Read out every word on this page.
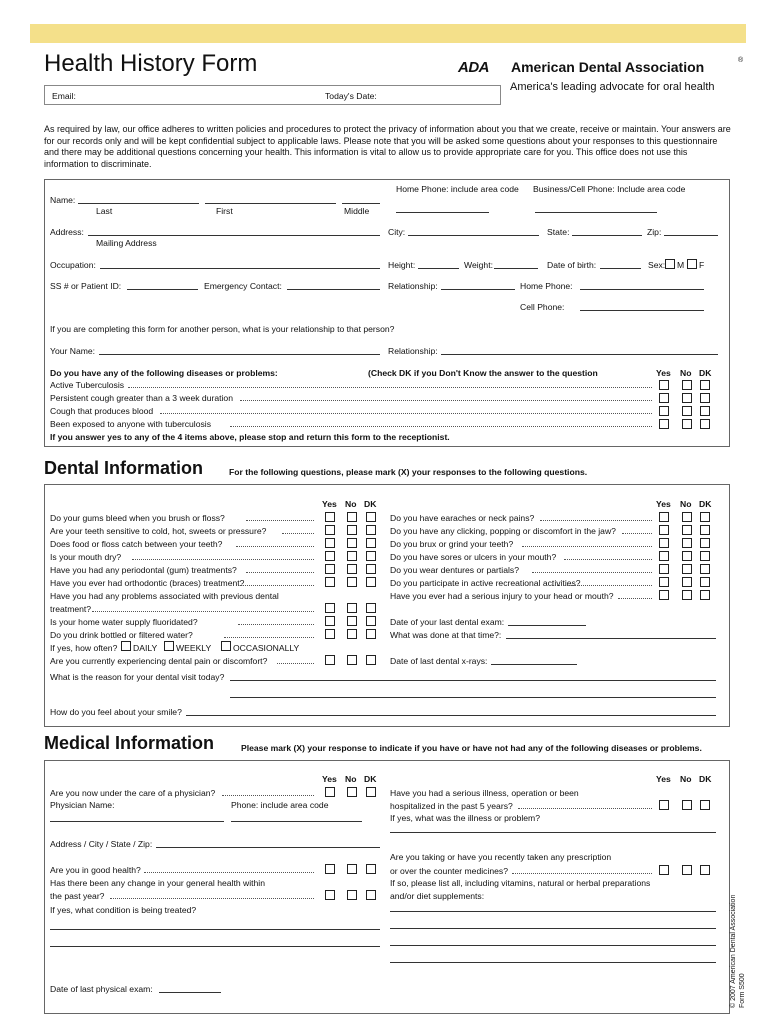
Health History Form
Email:	Today's Date:
ADA American Dental Association	®
America's leading advocate for oral health
As required by law, our office adheres to written policies and procedures to protect the privacy of information about you that we create, receive or maintain. Your answers are for our records only and will be kept confidential subject to applicable laws. Please note that you will be asked some questions about your responses to this questionnaire and there may be additional questions concerning your health. This information is vital to allow us to provide appropriate care for you. This office does not use this information to discriminate.
Home Phone: include area code Business/Cell Phone: Include area code
Name:
Last	First	Middle
Address:
Mailing Address
City:	State:	Zip:
Occupation:	Height:	Weight:	Date of birth:	Sex: M F
SS # or Patient ID:	Emergency Contact:	Relationship:	Home Phone:
Cell Phone:
If you are completing this form for another person, what is your relationship to that person?
Your Name:	Relationship:
Do you have any of the following diseases or problems:	(Check DK if you Don't Know the answer to the question	Yes No DK
Active Tuberculosis
Persistent cough greater than a 3 week duration
Cough that produces blood
Been exposed to anyone with tuberculosis
If you answer yes to any of the 4 items above, please stop and return this form to the receptionist.
Dental Information	For the following questions, please mark (X) your responses to the following questions.
Yes No DK	Yes No DK
Do your gums bleed when you brush or floss?
Are your teeth sensitive to cold, hot, sweets or pressure?
Does food or floss catch between your teeth?
Is your mouth dry?
Have you had any periodontal (gum) treatments?
Have you ever had orthodontic (braces) treatment?
Have you had any problems associated with previous dental
treatment?
Is your home water supply fluoridated?
Do you drink bottled or filtered water?
Are you currently experiencing dental pain or discomfort?
Do you have earaches or neck pains?
Do you have any clicking, popping or discomfort in the jaw?
Do you brux or grind your teeth?
Do you have sores or ulcers in your mouth?
Do you wear dentures or partials?
Do you participate in active recreational activities?
Have you ever had a serious injury to your head or mouth?
If yes, how often? DAILY WEEKLY	OCCASIONALLY
Date of your last dental exam:
What was done at that time?:
Date of last dental x-rays:
What is the reason for your dental visit today?
How do you feel about your smile?
Medical Information	Please mark (X) your response to indicate if you have or have not had any of the following diseases or problems.
Yes No DK	Yes No DK
Are you now under the care of a physician?
Physician Name:	Phone: include area code
Address / City / State / Zip:
Are you in good health?
Has there been any change in your general health within
the past year?
If yes, what condition is being treated?
Date of last physical exam:
Have you had a serious illness, operation or been
hospitalized in the past 5 years?
If yes, what was the illness or problem?
Are you taking or have you recently taken any prescription
or over the counter medicines?
If so, please list all, including vitamins, natural or herbal preparations
and/or diet supplements:	© 2007 American Dental Association Form S500
